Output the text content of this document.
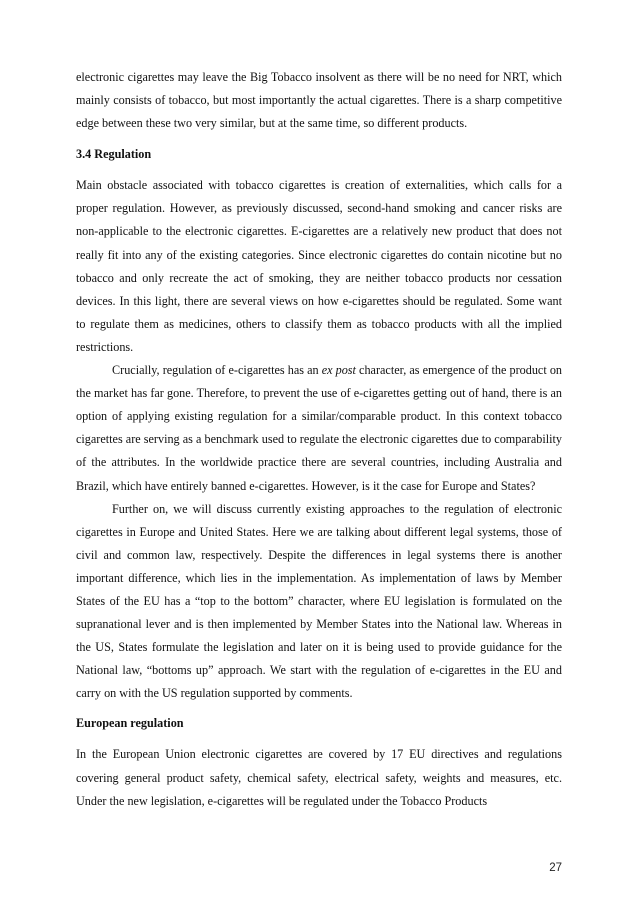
electronic cigarettes may leave the Big Tobacco insolvent as there will be no need for NRT, which mainly consists of tobacco, but most importantly the actual cigarettes. There is a sharp competitive edge between these two very similar, but at the same time, so different products.

3.4 Regulation

Main obstacle associated with tobacco cigarettes is creation of externalities, which calls for a proper regulation. However, as previously discussed, second-hand smoking and cancer risks are non-applicable to the electronic cigarettes. E-cigarettes are a relatively new product that does not really fit into any of the existing categories. Since electronic cigarettes do contain nicotine but no tobacco and only recreate the act of smoking, they are neither tobacco products nor cessation devices. In this light, there are several views on how e-cigarettes should be regulated. Some want to regulate them as medicines, others to classify them as tobacco products with all the implied restrictions.

Crucially, regulation of e-cigarettes has an ex post character, as emergence of the product on the market has far gone. Therefore, to prevent the use of e-cigarettes getting out of hand, there is an option of applying existing regulation for a similar/comparable product. In this context tobacco cigarettes are serving as a benchmark used to regulate the electronic cigarettes due to comparability of the attributes. In the worldwide practice there are several countries, including Australia and Brazil, which have entirely banned e-cigarettes. However, is it the case for Europe and States?

Further on, we will discuss currently existing approaches to the regulation of electronic cigarettes in Europe and United States. Here we are talking about different legal systems, those of civil and common law, respectively. Despite the differences in legal systems there is another important difference, which lies in the implementation. As implementation of laws by Member States of the EU has a “top to the bottom” character, where EU legislation is formulated on the supranational lever and is then implemented by Member States into the National law. Whereas in the US, States formulate the legislation and later on it is being used to provide guidance for the National law, “bottoms up” approach. We start with the regulation of e-cigarettes in the EU and carry on with the US regulation supported by comments.

European regulation

In the European Union electronic cigarettes are covered by 17 EU directives and regulations covering general product safety, chemical safety, electrical safety, weights and measures, etc. Under the new legislation, e-cigarettes will be regulated under the Tobacco Products

27
